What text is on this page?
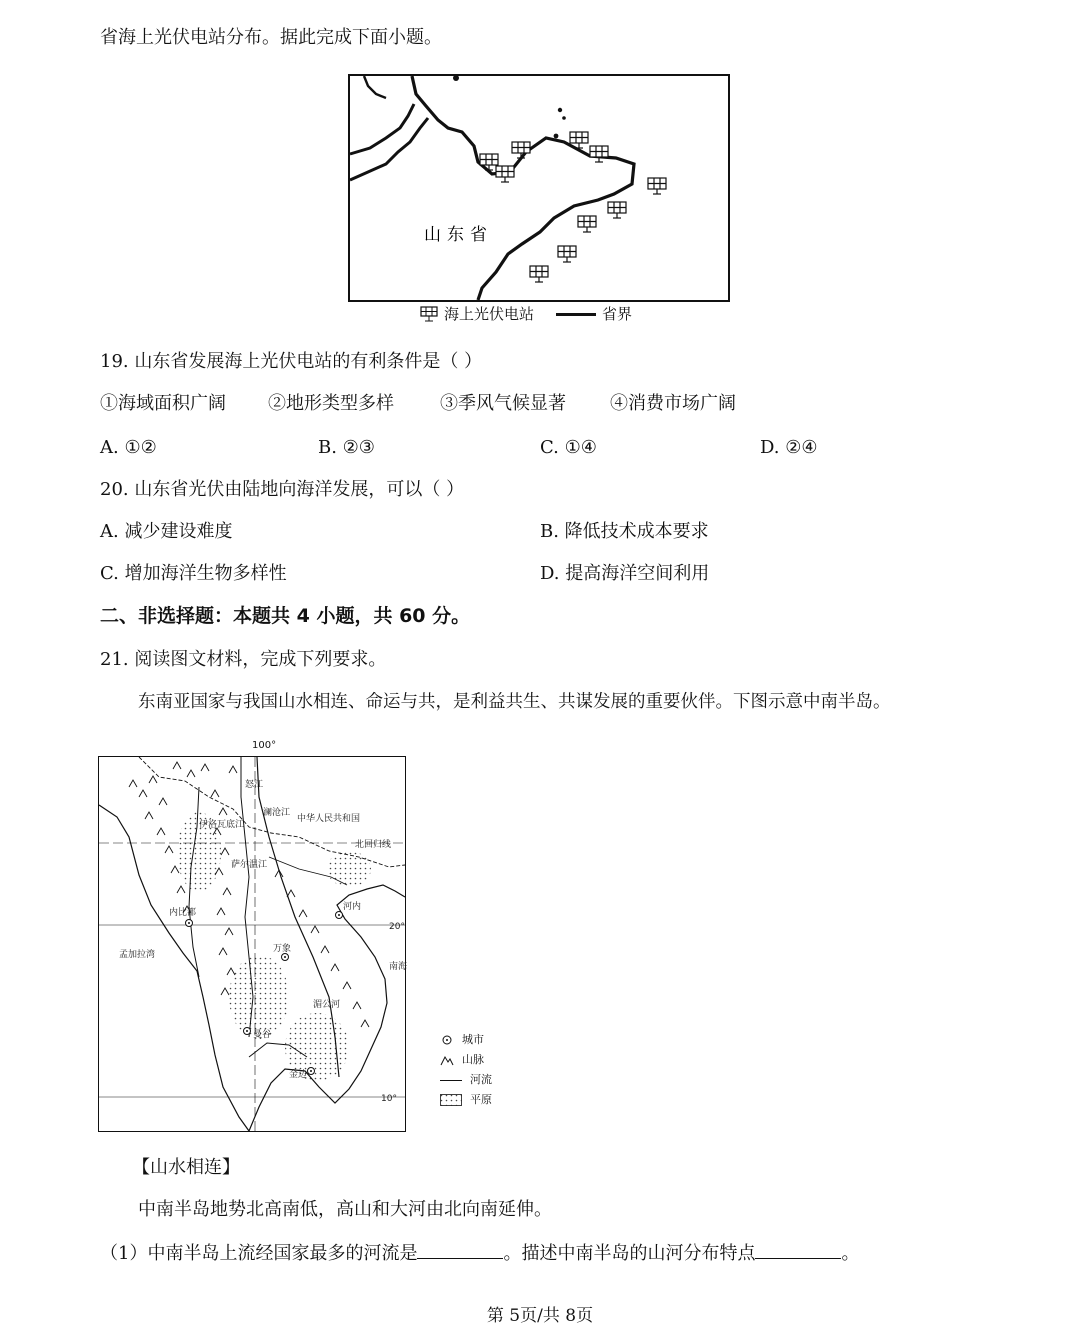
省海上光伏电站分布。据此完成下面小题。
山东省
海上光伏电站	省界
19. 山东省发展海上光伏电站的有利条件是（ ）
①海域面积广阔 ②地形类型多样	③季风气候显著 ④消费市场广阔
A. ①②	B. ②③	C. ①④	D. ②④
20. 山东省光伏由陆地向海洋发展，可以（ ）
A. 减少建设难度	B. 降低技术成本要求
C. 增加海洋生物多样性	D. 提高海洋空间利用
二、非选择题：本题共 4 小题，共 60 分。
21. 阅读图文材料，完成下列要求。
东南亚国家与我国山水相连、命运与共，是利益共生、共谋发展的重要伙伴。下图示意中南半岛。
中华人民共和国
北回归线
20°
10°
内比都
河内
万象
曼谷
金边
孟加拉湾
南海
怒江
澜沧江
伊洛瓦底江
萨尔温江
湄公河
100°
城市
山脉
河流
平原
【山水相连】
中南半岛地势北高南低，高山和大河由北向南延伸。
（1）中南半岛上流经国家最多的河流是	。描述中南半岛的山河分布特点	。
第 5页/共 8页
